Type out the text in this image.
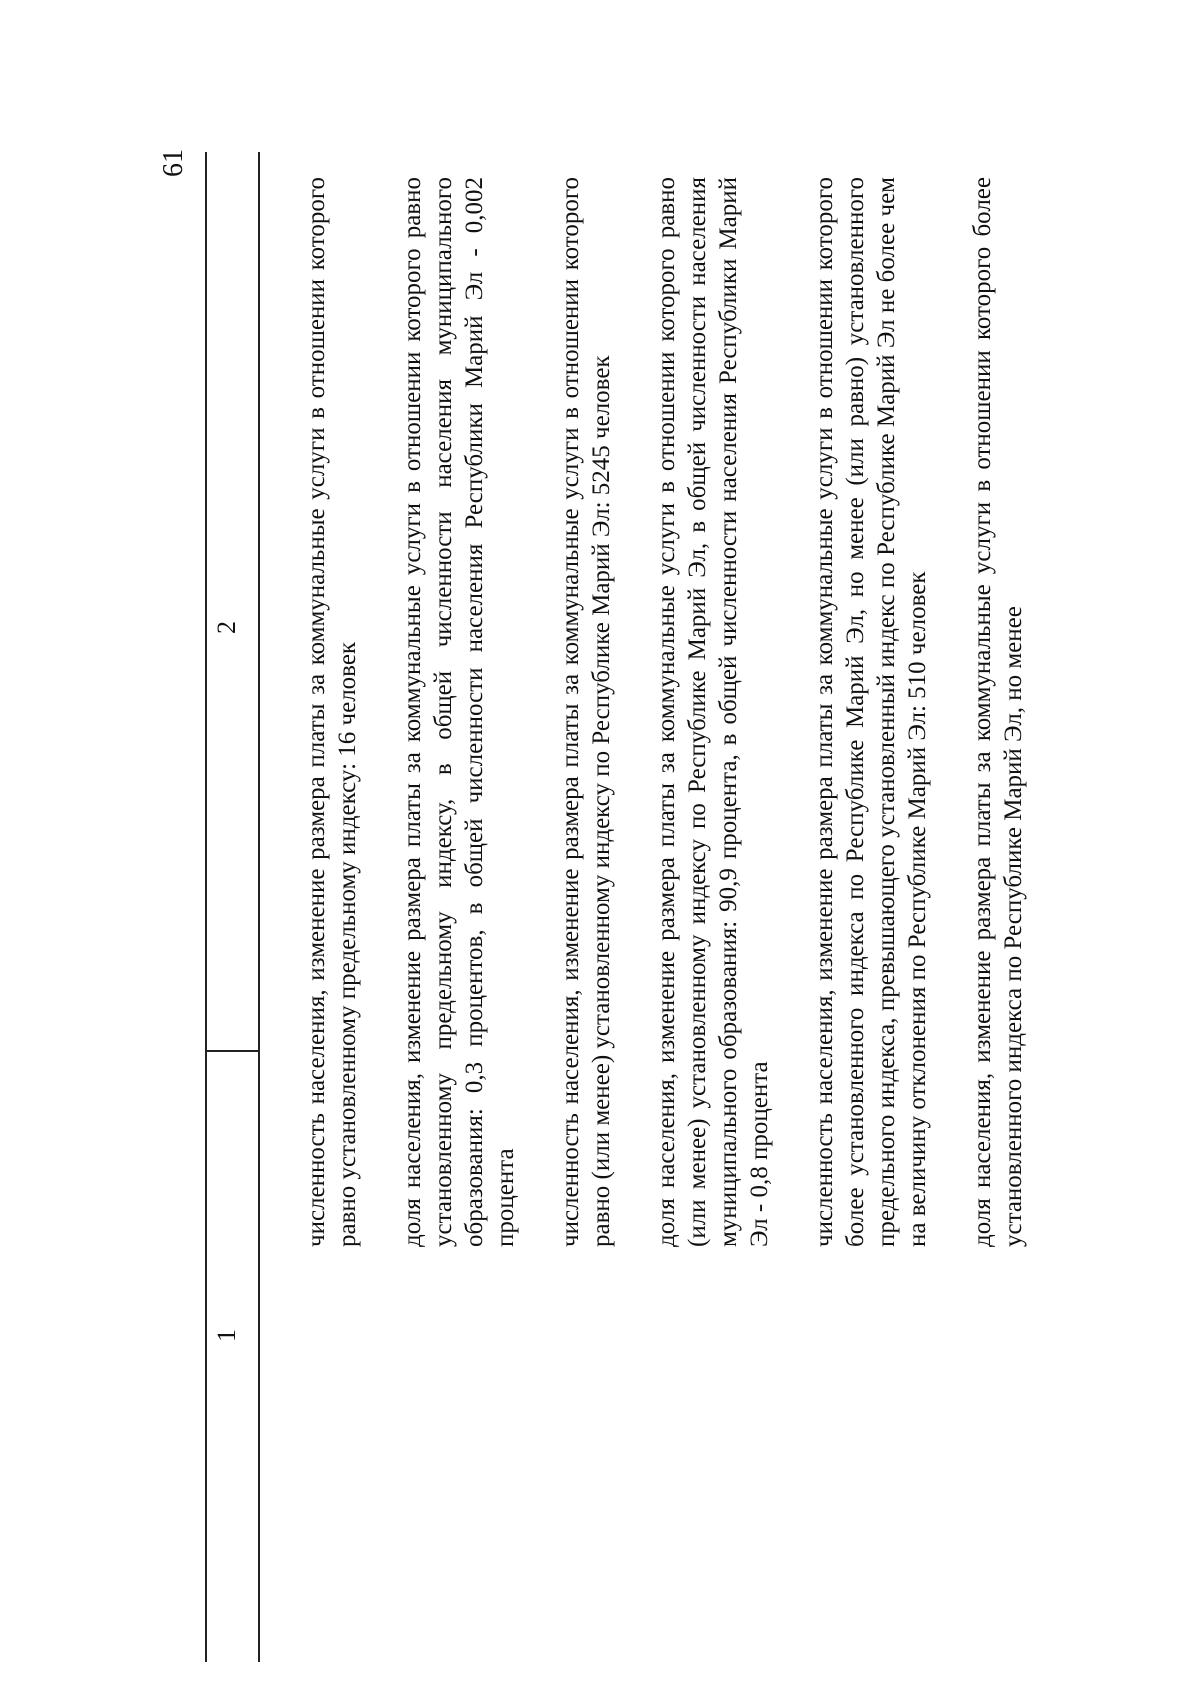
61
1
2 численность населения, изменение размера платы за коммунальные услуги в отношении которого равно установленному предельному индексу: 16 человек доля населения, изменение размера платы за коммунальные услуги в отношении которого равно установленному предельному индексу, в общей численности населения муниципального образования: 0,3 процентов, в общей численности населения Республики Марий Эл - 0,002 процента численность населения, изменение размера платы за коммунальные услуги в отношении которого равно (или менее) установленному индексу по Республике Марий Эл: 5245 человек доля населения, изменение размера платы за коммунальные услуги в отношении которого равно (или менее) установленному индексу по Республике Марий Эл, в общей численности населения муниципального образования: 90,9 процента, в общей численности населения Республики Марий Эл - 0,8 процента численность населения, изменение размера платы за коммунальные услуги в отношении которого более установленного индекса по Республике Марий Эл, но менее (или равно) установленного предельного индекса, превышающего установленный индекс по Республике Марий Эл не более чем на величину отклонения по Республике Марий Эл: 510 человек доля населения, изменение размера платы за коммунальные услуги в отношении которого более установленного индекса по Республике Марий Эл, но менее
